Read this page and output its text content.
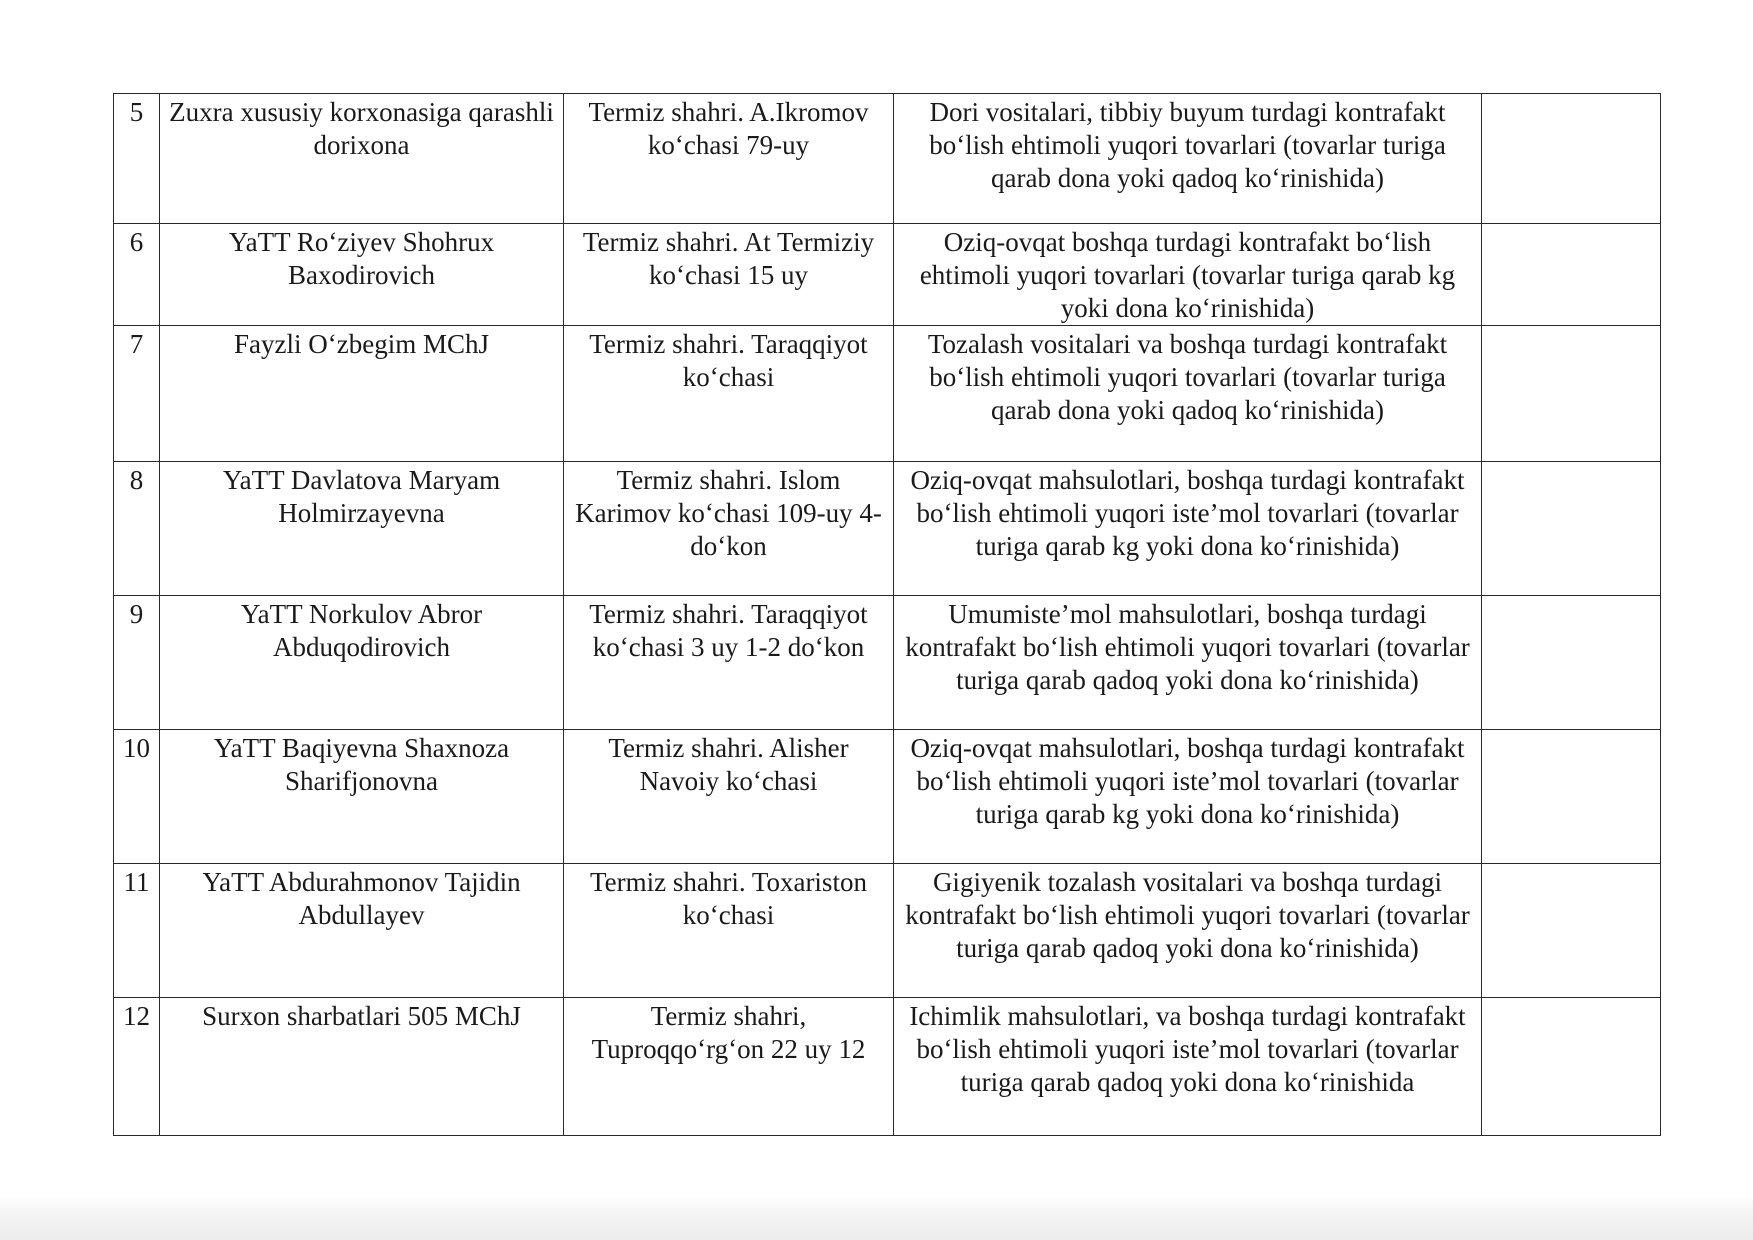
5	Zuxra xususiy korxonasiga qarashli dorixona	Termiz shahri. A.Ikromov ko‘chasi 79-uy	Dori vositalari, tibbiy buyum turdagi kontrafakt bo‘lish ehtimoli yuqori tovarlari (tovarlar turiga qarab dona yoki qadoq ko‘rinishida)	
6	YaTT Ro‘ziyev Shohrux Baxodirovich	Termiz shahri. At Termiziy ko‘chasi 15 uy	Oziq-ovqat boshqa turdagi kontrafakt bo‘lish ehtimoli yuqori tovarlari (tovarlar turiga qarab kg yoki dona ko‘rinishida)	
7	Fayzli O‘zbegim MChJ	Termiz shahri. Taraqqiyot ko‘chasi	Tozalash vositalari va boshqa turdagi kontrafakt bo‘lish ehtimoli yuqori tovarlari (tovarlar turiga qarab dona yoki qadoq ko‘rinishida)	
8	YaTT Davlatova Maryam Holmirzayevna	Termiz shahri. Islom Karimov ko‘chasi 109-uy 4-do‘kon	Oziq-ovqat mahsulotlari, boshqa turdagi kontrafakt bo‘lish ehtimoli yuqori iste’mol tovarlari (tovarlar turiga qarab kg yoki dona ko‘rinishida)	
9	YaTT Norkulov Abror Abduqodirovich	Termiz shahri. Taraqqiyot ko‘chasi 3 uy 1-2 do‘kon	Umumiste’mol mahsulotlari, boshqa turdagi kontrafakt bo‘lish ehtimoli yuqori tovarlari (tovarlar turiga qarab qadoq yoki dona ko‘rinishida)	
10	YaTT Baqiyevna Shaxnoza Sharifjonovna	Termiz shahri. Alisher Navoiy ko‘chasi	Oziq-ovqat mahsulotlari, boshqa turdagi kontrafakt bo‘lish ehtimoli yuqori iste’mol tovarlari (tovarlar turiga qarab kg yoki dona ko‘rinishida)	
11	YaTT Abdurahmonov Tajidin Abdullayev	Termiz shahri. Toxariston ko‘chasi	Gigiyenik tozalash vositalari va boshqa turdagi kontrafakt bo‘lish ehtimoli yuqori tovarlari (tovarlar turiga qarab qadoq yoki dona ko‘rinishida)	
12	Surxon sharbatlari 505 MChJ	Termiz shahri, Tuproqqo‘rg‘on 22 uy 12	Ichimlik mahsulotlari, va boshqa turdagi kontrafakt bo‘lish ehtimoli yuqori iste’mol tovarlari (tovarlar turiga qarab qadoq yoki dona ko‘rinishida	
